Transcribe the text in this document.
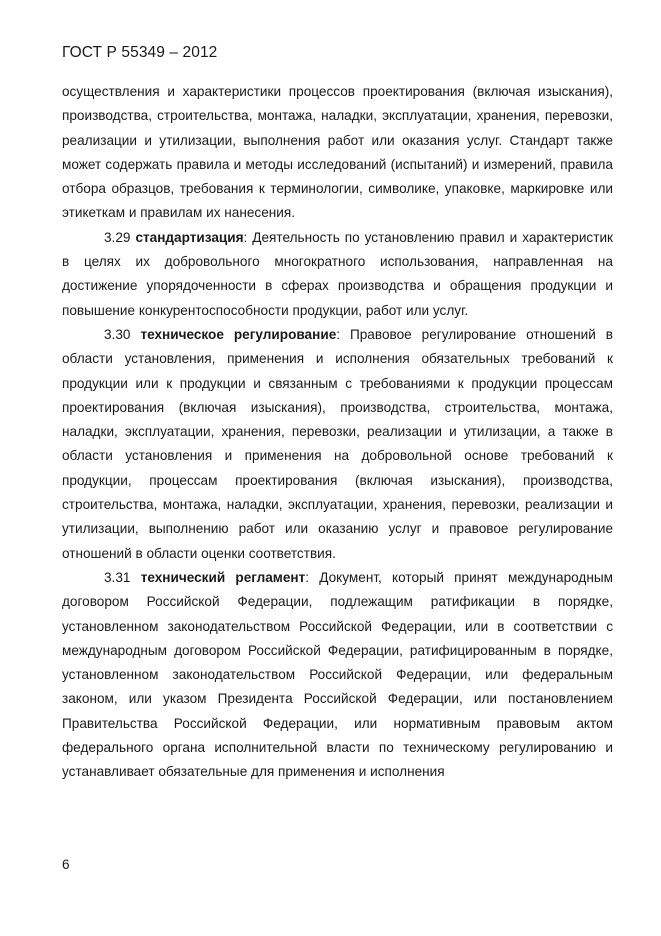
ГОСТ Р 55349 – 2012

осуществления и характеристики процессов проектирования (включая изыскания), производства, строительства, монтажа, наладки, эксплуатации, хранения, перевозки, реализации и утилизации, выполнения работ или оказания услуг. Стандарт также может содержать правила и методы исследований (испытаний) и измерений, правила отбора образцов, требования к терминологии, символике, упаковке, маркировке или этикеткам и правилам их нанесения.

3.29 стандартизация: Деятельность по установлению правил и характеристик в целях их добровольного многократного использования, направленная на достижение упорядоченности в сферах производства и обращения продукции и повышение конкурентоспособности продукции, работ или услуг.

3.30 техническое регулирование: Правовое регулирование отношений в области установления, применения и исполнения обязательных требований к продукции или к продукции и связанным с требованиями к продукции процессам проектирования (включая изыскания), производства, строительства, монтажа, наладки, эксплуатации, хранения, перевозки, реализации и утилизации, а также в области установления и применения на добровольной основе требований к продукции, процессам проектирования (включая изыскания), производства, строительства, монтажа, наладки, эксплуатации, хранения, перевозки, реализации и утилизации, выполнению работ или оказанию услуг и правовое регулирование отношений в области оценки соответствия.

3.31 технический регламент: Документ, который принят международным договором Российской Федерации, подлежащим ратификации в порядке, установленном законодательством Российской Федерации, или в соответствии с международным договором Российской Федерации, ратифицированным в порядке, установленном законодательством Российской Федерации, или федеральным законом, или указом Президента Российской Федерации, или постановлением Правительства Российской Федерации, или нормативным правовым актом федерального органа исполнительной власти по техническому регулированию и устанавливает обязательные для применения и исполнения

6
